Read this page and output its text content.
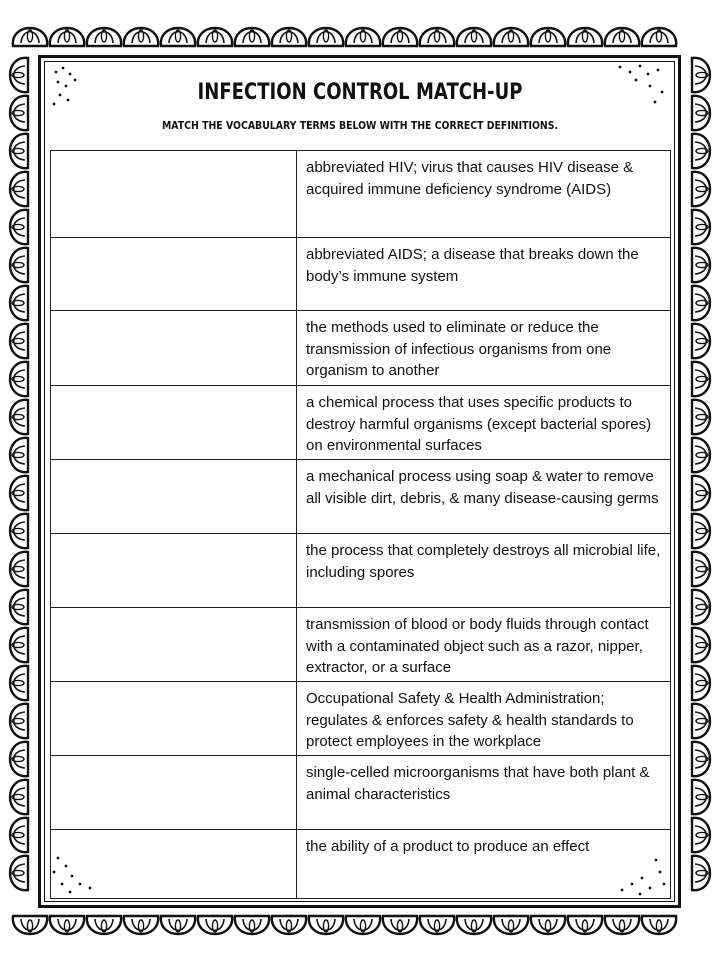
INFECTION CONTROL MATCH-UP
MATCH THE VOCABULARY TERMS BELOW WITH THE CORRECT DEFINITIONS.
	abbreviated HIV; virus that causes HIV disease & acquired immune deficiency syndrome (AIDS)
	abbreviated AIDS; a disease that breaks down the body’s immune system
	the methods used to eliminate or reduce the transmission of infectious organisms from one organism to another
	a chemical process that uses specific products to destroy harmful organisms (except bacterial spores) on environmental surfaces
	a mechanical process using soap & water to remove all visible dirt, debris, & many disease-causing germs
	the process that completely destroys all microbial life, including spores
	transmission of blood or body fluids through contact with a contaminated object such as a razor, nipper, extractor, or a surface
	Occupational Safety & Health Administration; regulates & enforces safety & health standards to protect employees in the workplace
	single-celled microorganisms that have both plant & animal characteristics
	the ability of a product to produce an effect
